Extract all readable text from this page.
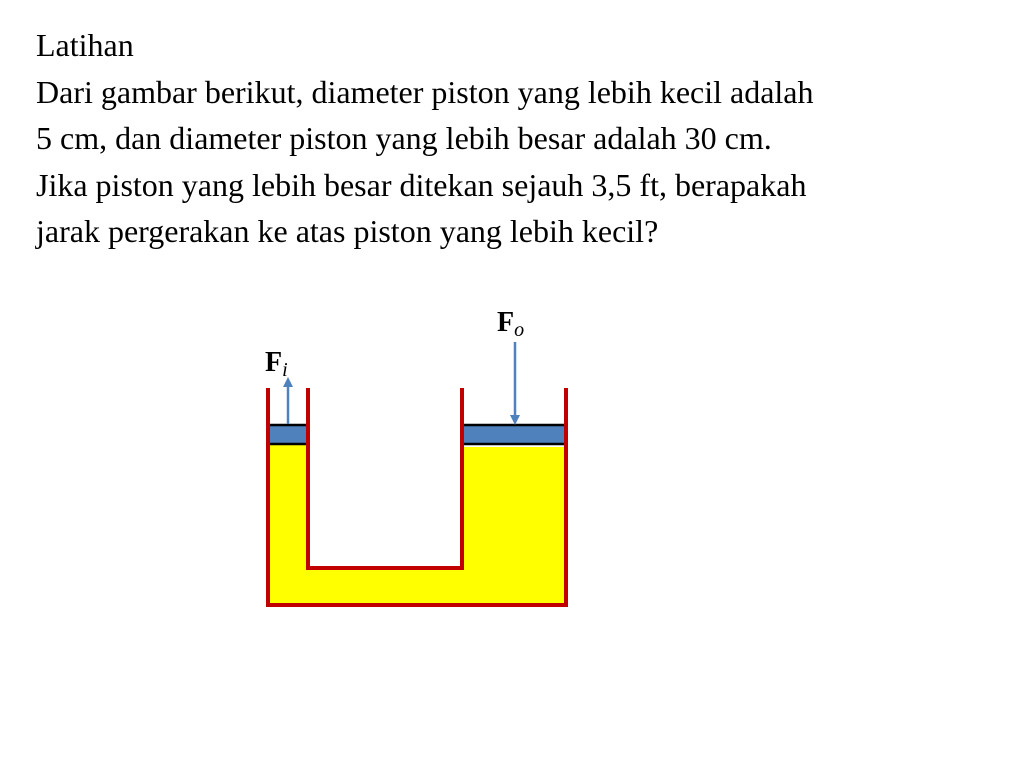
Latihan

Dari gambar berikut, diameter piston yang lebih kecil adalah

5 cm, dan diameter piston yang lebih besar adalah 30 cm.

Jika piston yang lebih besar ditekan sejauh 3,5 ft, berapakah

jarak pergerakan ke atas piston yang lebih kecil?

$F_i$
$F_o$
